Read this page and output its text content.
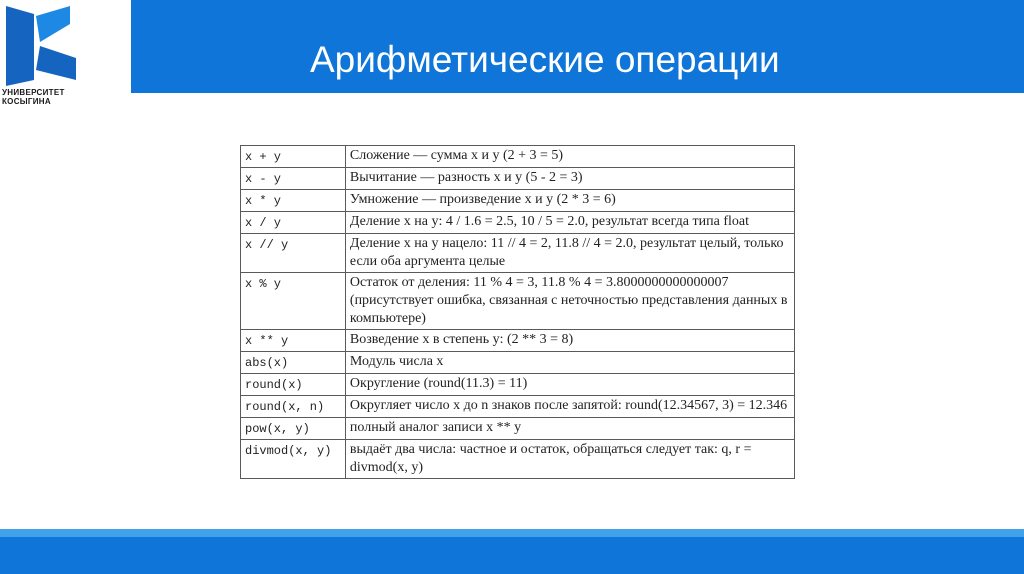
УНИВЕРСИТЕТ
КОСЫГИНА
Арифметические операции
x + y	Сложение — сумма x и y (2 + 3 = 5)
x - y	Вычитание — разность x и y (5 - 2 = 3)
x * y	Умножение — произведение x и y (2 * 3 = 6)
x / y	Деление x на y: 4 / 1.6 = 2.5, 10 / 5 = 2.0, результат всегда типа float
x // y	Деление x на y нацело: 11 // 4 = 2, 11.8 // 4 = 2.0, результат целый, только если оба аргумента целые
x % y	Остаток от деления: 11 % 4 = 3, 11.8 % 4 = 3.8000000000000007 (присутствует ошибка, связанная с неточностью представления данных в компьютере)
x ** y	Возведение x в степень y: (2 ** 3 = 8)
abs(x)	Модуль числа x
round(x)	Округление (round(11.3) = 11)
round(x, n)	Округляет число x до n знаков после запятой: round(12.34567, 3) = 12.346
pow(x, y)	полный аналог записи x ** y
divmod(x, y)	выдаёт два числа: частное и остаток, обращаться следует так: q, r = divmod(x, y)
